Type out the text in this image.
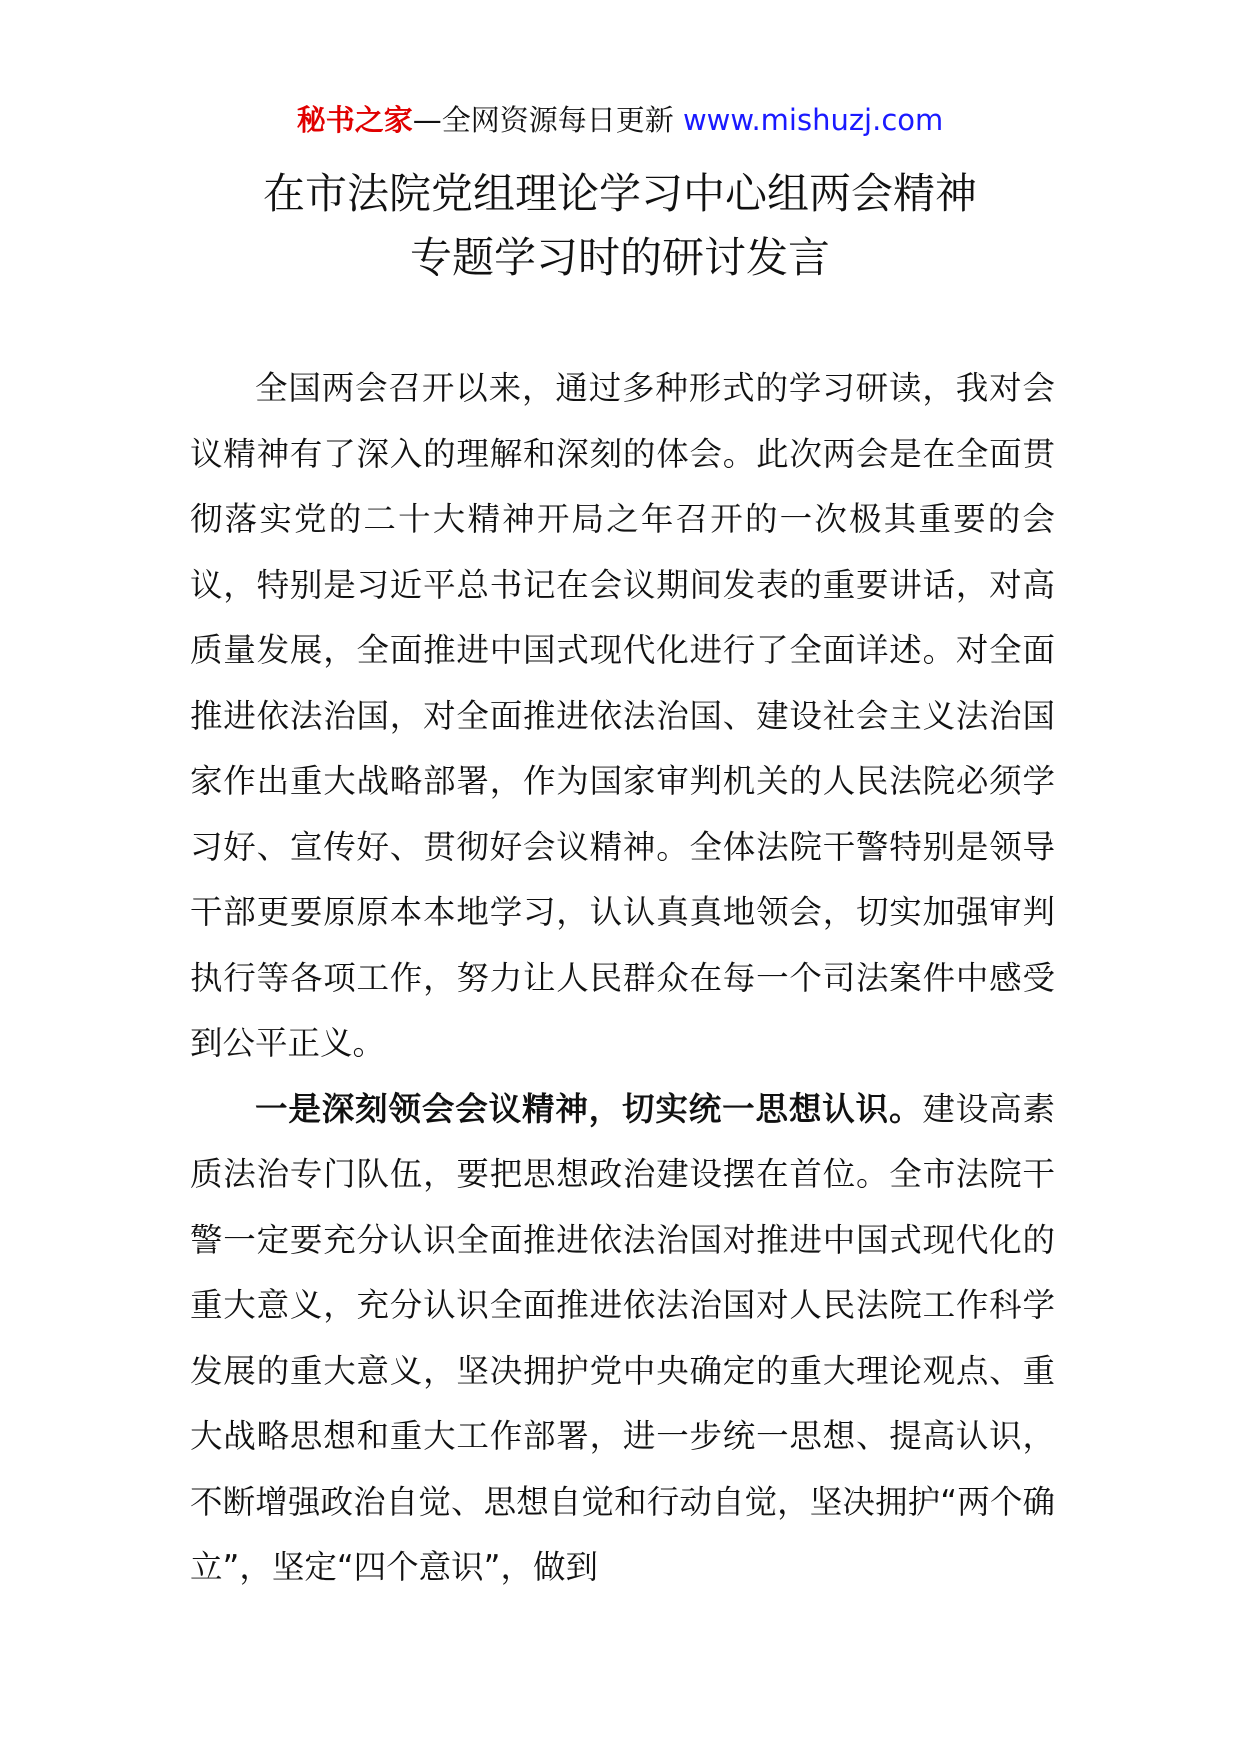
秘书之家—全网资源每日更新 www.mishuzj.com
在市法院党组理论学习中心组两会精神
专题学习时的研讨发言

全国两会召开以来，通过多种形式的学习研读，我对会议精神有了深入的理解和深刻的体会。此次两会是在全面贯彻落实党的二十大精神开局之年召开的一次极其重要的会议，特别是习近平总书记在会议期间发表的重要讲话，对高质量发展，全面推进中国式现代化进行了全面详述。对全面推进依法治国，对全面推进依法治国、建设社会主义法治国家作出重大战略部署，作为国家审判机关的人民法院必须学习好、宣传好、贯彻好会议精神。全体法院干警特别是领导干部更要原原本本地学习，认认真真地领会，切实加强审判执行等各项工作，努力让人民群众在每一个司法案件中感受到公平正义。

一是深刻领会会议精神，切实统一思想认识。建设高素质法治专门队伍，要把思想政治建设摆在首位。全市法院干警一定要充分认识全面推进依法治国对推进中国式现代化的重大意义，充分认识全面推进依法治国对人民法院工作科学发展的重大意义，坚决拥护党中央确定的重大理论观点、重大战略思想和重大工作部署，进一步统一思想、提高认识，不断增强政治自觉、思想自觉和行动自觉，坚决拥护“两个确立”，坚定“四个意识”，做到
